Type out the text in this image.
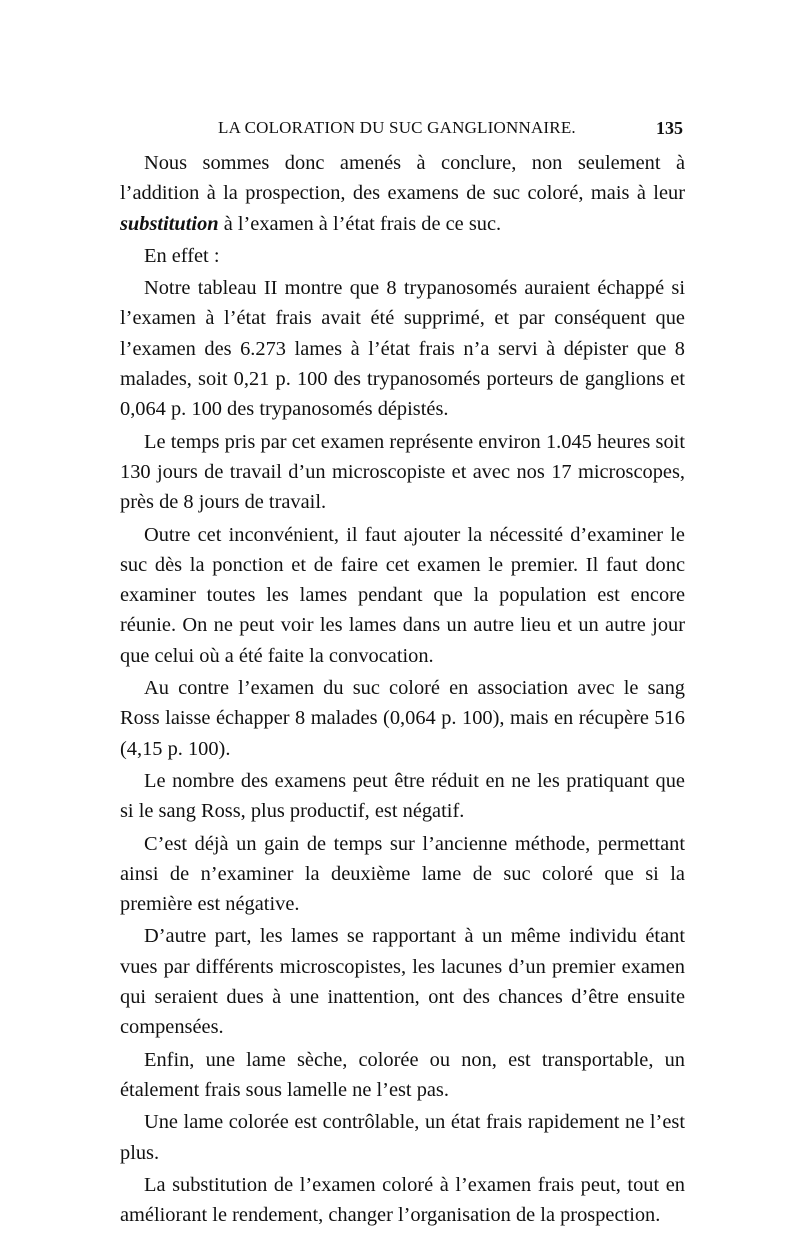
LA COLORATION DU SUC GANGLIONNAIRE.	135

Nous sommes donc amenés à conclure, non seulement à l’addition à la prospection, des examens de suc coloré, mais à leur substitution à l’examen à l’état frais de ce suc.

En effet :

Notre tableau II montre que 8 trypanosomés auraient échappé si l’examen à l’état frais avait été supprimé, et par conséquent que l’examen des 6.273 lames à l’état frais n’a servi à dépister que 8 malades, soit 0,21 p. 100 des trypanosomés porteurs de ganglions et 0,064 p. 100 des trypanosomés dépistés.

Le temps pris par cet examen représente environ 1.045 heures soit 130 jours de travail d’un microscopiste et avec nos 17 microscopes, près de 8 jours de travail.

Outre cet inconvénient, il faut ajouter la nécessité d’examiner le suc dès la ponction et de faire cet examen le premier. Il faut donc examiner toutes les lames pendant que la population est encore réunie. On ne peut voir les lames dans un autre lieu et un autre jour que celui où a été faite la convocation.

Au contre l’examen du suc coloré en association avec le sang Ross laisse échapper 8 malades (0,064 p. 100), mais en récupère 516 (4,15 p. 100).

Le nombre des examens peut être réduit en ne les pratiquant que si le sang Ross, plus productif, est négatif.

C’est déjà un gain de temps sur l’ancienne méthode, permettant ainsi de n’examiner la deuxième lame de suc coloré que si la première est négative.

D’autre part, les lames se rapportant à un même individu étant vues par différents microscopistes, les lacunes d’un premier examen qui seraient dues à une inattention, ont des chances d’être ensuite compensées.

Enfin, une lame sèche, colorée ou non, est transportable, un étalement frais sous lamelle ne l’est pas.

Une lame colorée est contrôlable, un état frais rapidement ne l’est plus.

La substitution de l’examen coloré à l’examen frais peut, tout en améliorant le rendement, changer l’organisation de la prospection.
